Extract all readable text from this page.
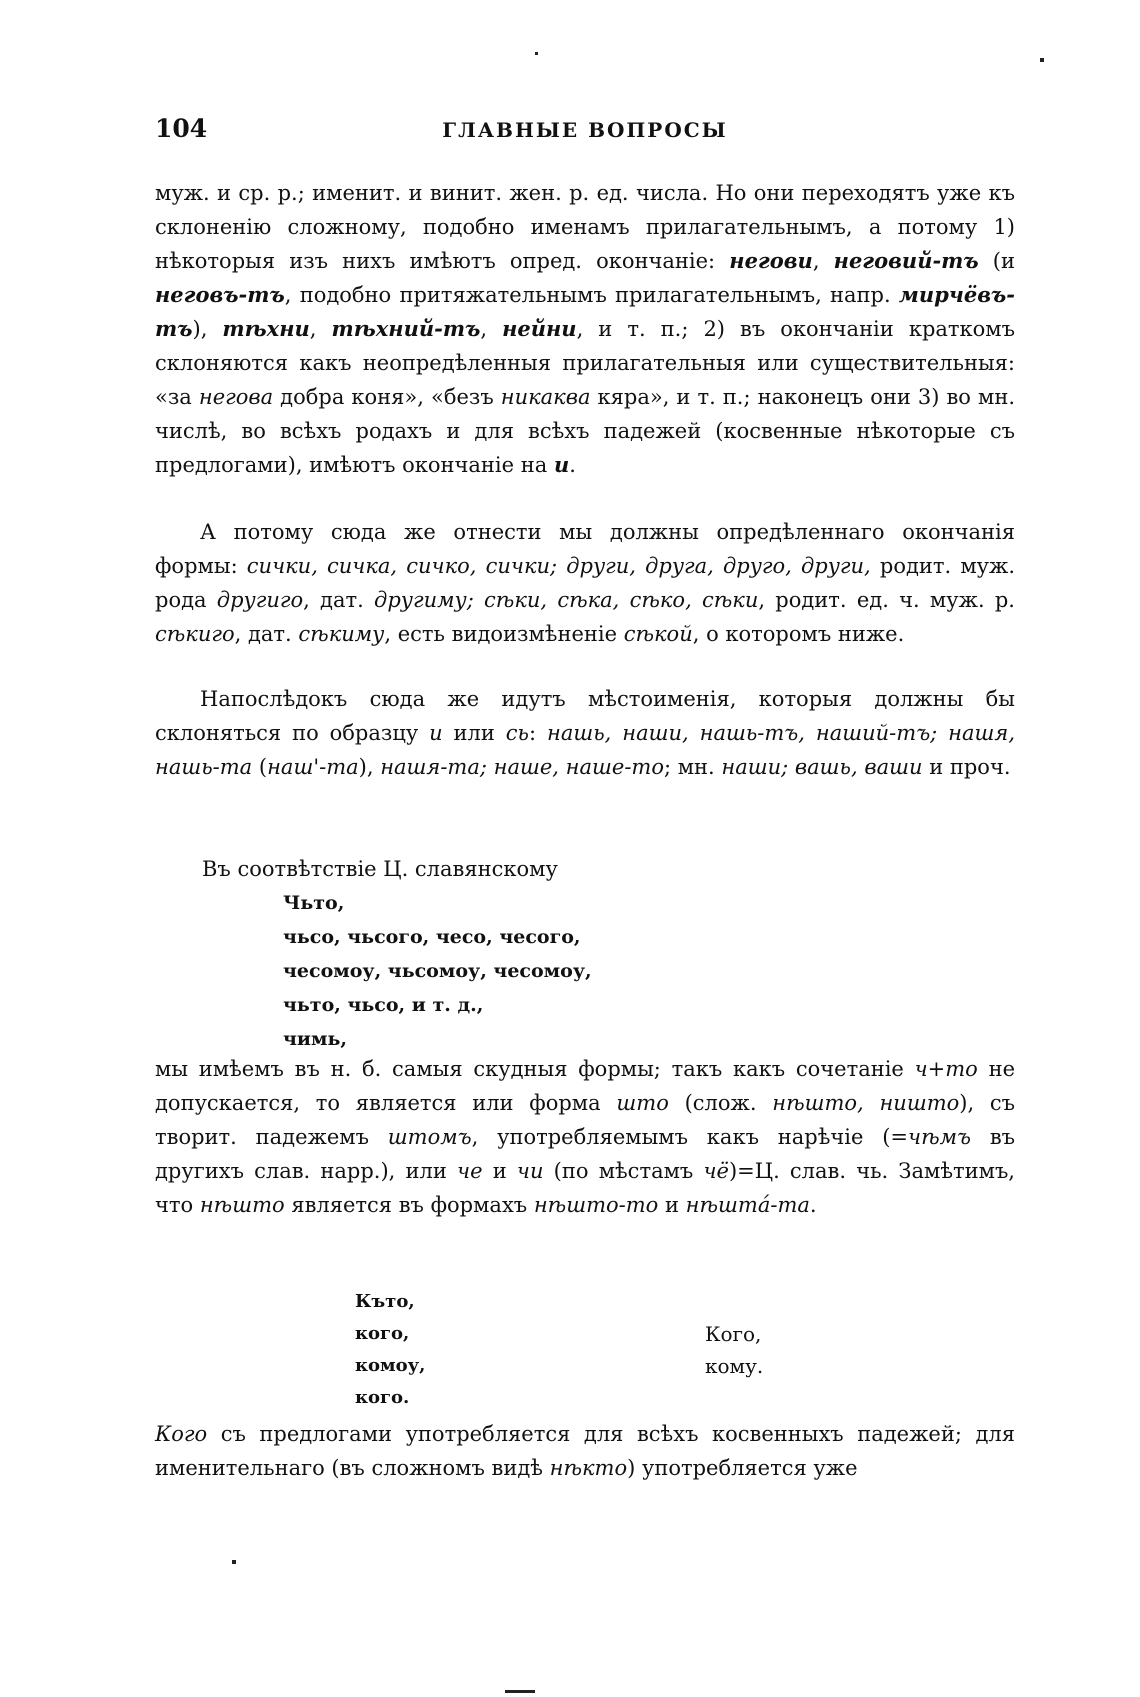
104	ГЛАВНЫЕ ВОПРОСЫ
муж. и ср. р.; именит. и винит. жен. р. ед. числа. Но они переходятъ уже къ склоненію сложному, подобно именамъ прилагательнымъ, а потому 1) нѣкоторыя изъ нихъ имѣютъ опред. окончаніе: негови, неговий-тъ (и неговъ-тъ, подобно притяжательнымъ прилагательнымъ, напр. мирчёвъ-тъ), тѣхни, тѣхний-тъ, нейни, и т. п.; 2) въ окончаніи краткомъ склоняются какъ неопредѣленныя прилагательныя или существительныя: «за негова добра коня», «безъ никаква кяра», и т. п.; наконецъ они 3) во мн. числѣ, во всѣхъ родахъ и для всѣхъ падежей (косвенные нѣкоторые съ предлогами), имѣютъ окончаніе на и.
А потому сюда же отнести мы должны опредѣленнаго окончанія формы: сички, сичка, сичко, сички; други, друга, друго, други, родит. муж. рода другиго, дат. другиму; сѣки, сѣка, сѣко, сѣки, родит. ед. ч. муж. р. сѣкиго, дат. сѣкиму, есть видоизмѣненіе сѣкой, о которомъ ниже.
Напослѣдокъ сюда же идутъ мѣстоименія, которыя должны бы склоняться по образцу и или сь: нашь, наши, нашь-тъ, наший-тъ; нашя, нашь-та (наш'-та), нашя-та; наше, наше-то; мн. наши; вашь, ваши и проч.
Въ соотвѣтствіе Ц. славянскому
Чьто,
чьсо, чьсого, чесо, чесого,
чесомоу, чьсомоу, чесомоу,
чьто, чьсо, и т. д.,
чимь,
мы имѣемъ въ н. б. самыя скудныя формы; такъ какъ сочетаніе ч+то не допускается, то является или форма што (слож. нѣшто, ништо), съ творит. падежемъ штомъ, употребляемымъ какъ нарѣчіе (=чѣмъ въ другихъ слав. нарр.), или че и чи (по мѣстамъ чё)=Ц. слав. чь. Замѣтимъ, что нѣшто является въ формахъ нѣшто-то и нѣшта́-та.
Къто,
кого,
комоу,
кого.
Кого,
кому.
Кого съ предлогами употребляется для всѣхъ косвенныхъ падежей; для именительнаго (въ сложномъ видѣ нѣкто) употребляется уже
